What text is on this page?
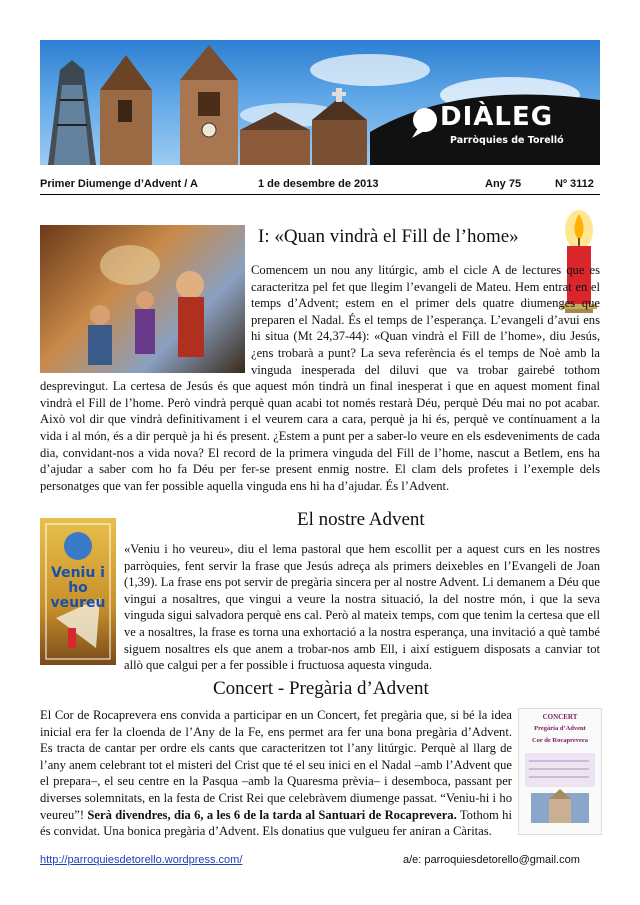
DIÀLEG
Parròquies de Torelló
Primer Diumenge d’Advent / A	1 de desembre de 2013	Any 75	Nº 3112
I: «Quan vindrà el Fill de l’home»
Comencem un nou any litúrgic, amb el cicle A de lectures que es caracteritza pel fet que llegim l’evangeli de Mateu. Hem entrat en el temps d’Advent; estem en el primer dels quatre diumenges que preparen el Nadal. És el temps de l’esperança. L’evangeli d’avui ens hi situa (Mt 24,37-44): «Quan vindrà el Fill de l’home», diu Jesús, ¿ens trobarà a punt? La seva referència és el temps de Noè amb la vinguda inesperada del diluvi que va trobar gairebé tothom desprevingut. La certesa de Jesús és que aquest món tindrà un final inesperat i que en aquest moment final vindrà el Fill de l’home. Però vindrà perquè quan acabi tot només restarà Déu, perquè Déu mai no pot acabar. Això vol dir que vindrà definitivament i el veurem cara a cara, perquè ja hi és, perquè ve contínuament a la vida i al món, és a dir perquè ja hi és present. ¿Estem a punt per a saber-lo veure en els esdeveniments de cada dia, convidant-nos a vida nova? El record de la primera vinguda del Fill de l’home, nascut a Betlem, ens ha d’ajudar a saber com ho fa Déu per fer-se present enmig nostre. El clam dels profetes i l’exemple dels personatges que van fer possible aquella vinguda ens hi ha d’ajudar. És l’Advent.
El nostre Advent
Veniu i ho veureu
«Veniu i ho veureu», diu el lema pastoral que hem escollit per a aquest curs en les nostres parròquies, fent servir la frase que Jesús adreça als primers deixebles en l’Evangeli de Joan (1,39). La frase ens pot servir de pregària sincera per al nostre Advent. Li demanem a Déu que vingui a nosaltres, que vingui a veure la nostra situació, la del nostre món, i que la seva vinguda sigui salvadora perquè ens cal. Però al mateix temps, com que tenim la certesa que ell ve a nosaltres, la frase es torna una exhortació a la nostra esperança, una invitació a què també siguem nosaltres els que anem a trobar-nos amb Ell, i així estiguem disposats a canviar tot allò que calgui per a fer possible i fructuosa aquesta vinguda.
Concert - Pregària d’Advent
CONCERT
Pregària d’Advent
Cor de Rocaprevera
El Cor de Rocaprevera ens convida a participar en un Concert, fet pregària que, si bé la idea inicial era fer la cloenda de l’Any de la Fe, ens permet ara fer una bona pregària d’Advent. Es tracta de cantar per ordre els cants que caracteritzen tot l’any litúrgic. Perquè al llarg de l’any anem celebrant tot el misteri del Crist que té el seu inici en el Nadal –amb l’Advent que el prepara–, el seu centre en la Pasqua –amb la Quaresma prèvia– i desemboca, passant per diverses solemnitats, en la festa de Crist Rei que celebràvem diumenge passat. “Veniu-hi i ho veureu”! Serà divendres, dia 6, a les 6 de la tarda al Santuari de Rocaprevera. Tothom hi és convidat. Una bonica pregària d’Advent. Els donatius que vulgueu fer aniran a Càritas.
http://parroquiesdetorello.wordpress.com/	a/e: parroquiesdetorello@gmail.com
